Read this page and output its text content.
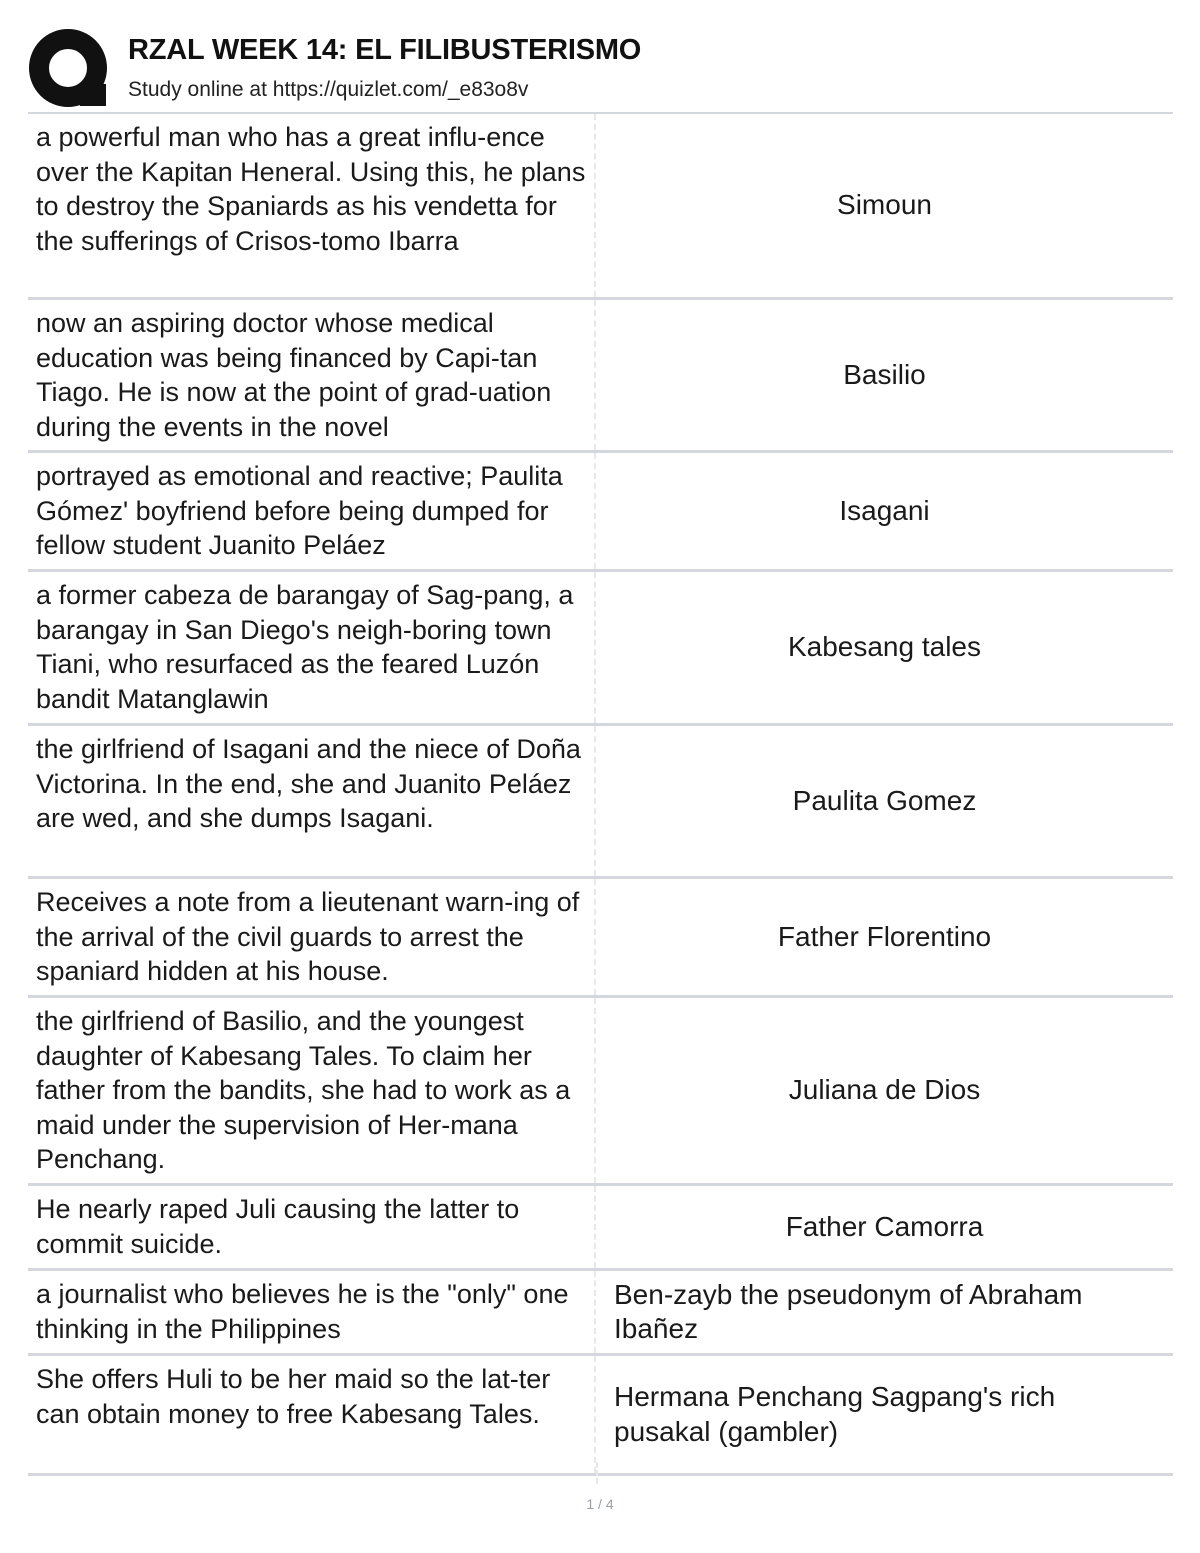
RZAL WEEK 14: EL FILIBUSTERISMO
Study online at https://quizlet.com/_e83o8v
a powerful man who has a great influ-ence over the Kapitan Heneral. Using this, he plans to destroy the Spaniards as his vendetta for the sufferings of Crisos-tomo Ibarra
Simoun
now an aspiring doctor whose medical education was being financed by Capi-tan Tiago. He is now at the point of grad-uation during the events in the novel
Basilio
portrayed as emotional and reactive; Paulita Gómez' boyfriend before being dumped for fellow student Juanito Peláez
Isagani
a former cabeza de barangay of Sag-pang, a barangay in San Diego's neigh-boring town Tiani, who resurfaced as the feared Luzón bandit Matanglawin
Kabesang tales
the girlfriend of Isagani and the niece of Doña Victorina. In the end, she and Juanito Peláez are wed, and she dumps Isagani.
Paulita Gomez
Receives a note from a lieutenant warn-ing of the arrival of the civil guards to arrest the spaniard hidden at his house.
Father Florentino
the girlfriend of Basilio, and the youngest daughter of Kabesang Tales. To claim her father from the bandits, she had to work as a maid under the supervision of Her-mana Penchang.
Juliana de Dios
He nearly raped Juli causing the latter to commit suicide.
Father Camorra
a journalist who believes he is the "only" one thinking in the Philippines
Ben-zayb the pseudonym of Abraham Ibañez
She offers Huli to be her maid so the lat-ter can obtain money to free Kabesang Tales.
Hermana Penchang Sagpang's rich pusakal (gambler)
1 / 4
